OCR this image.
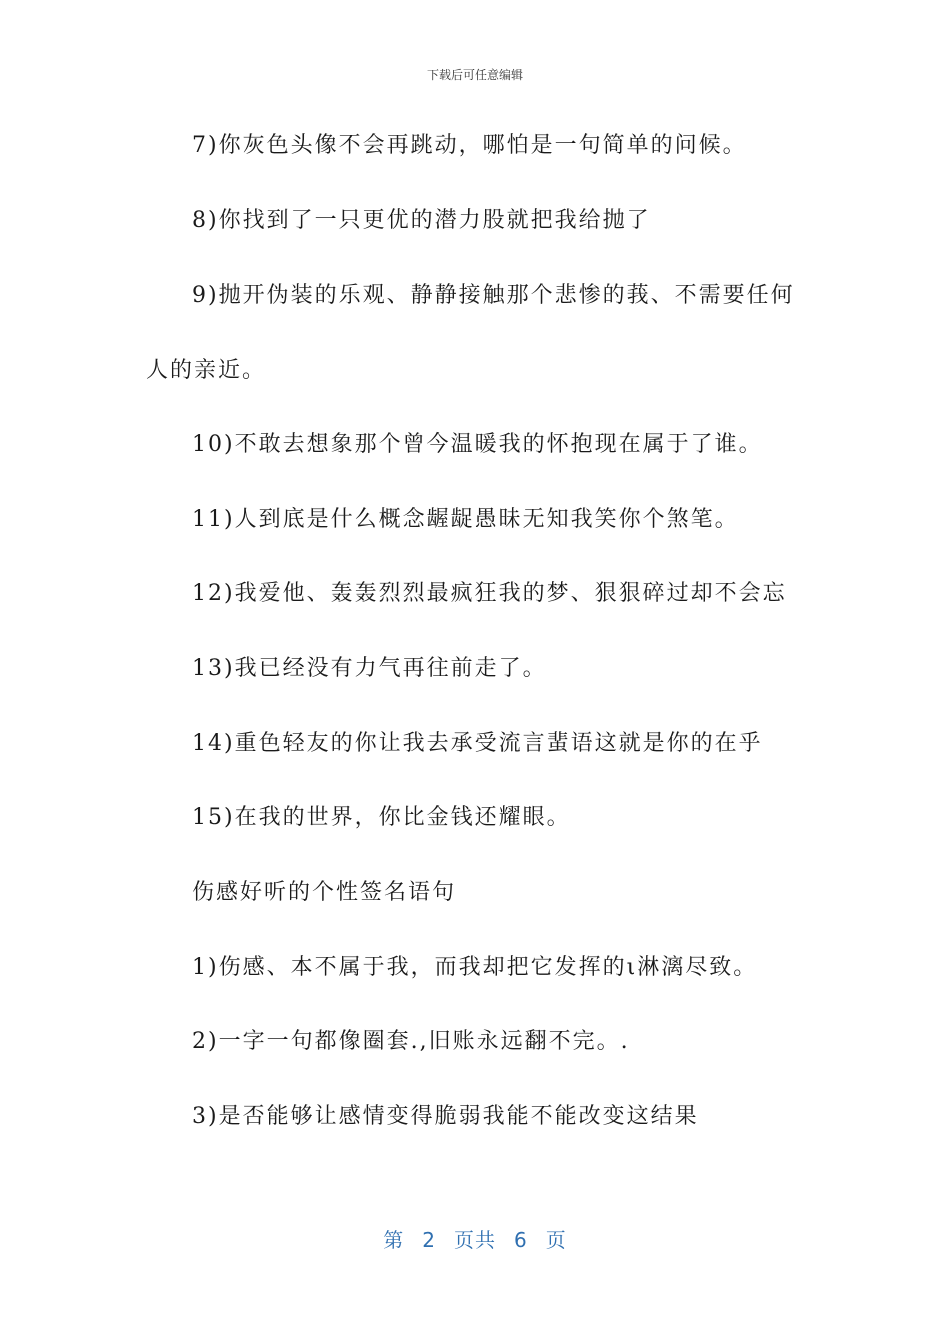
下载后可任意编辑
7)你灰色头像不会再跳动，哪怕是一句简单的问候。
8)你找到了一只更优的潜力股就把我给抛了
9)抛开伪装的乐观、静静接触那个悲惨的莪、不需要任何
人的亲近。
10)不敢去想象那个曾今温暖我的怀抱现在属于了谁。
11)人到底是什么概念龌龊愚昧无知我笑你个煞笔。
12)我爱他、轰轰烈烈最疯狂我的梦、狠狠碎过却不会忘
13)我已经没有力气再往前走了。
14)重色轻友的你让我去承受流言蜚语这就是你的在乎
15)在我的世界，你比金钱还耀眼。
伤感好听的个性签名语句
1)伤感、本不属于我，而我却把它发挥的ι淋漓尽致。
2)一字一句都像圈套.,旧账永远翻不完。.
3)是否能够让感情变得脆弱我能不能改变这结果
第 2 页共 6 页
